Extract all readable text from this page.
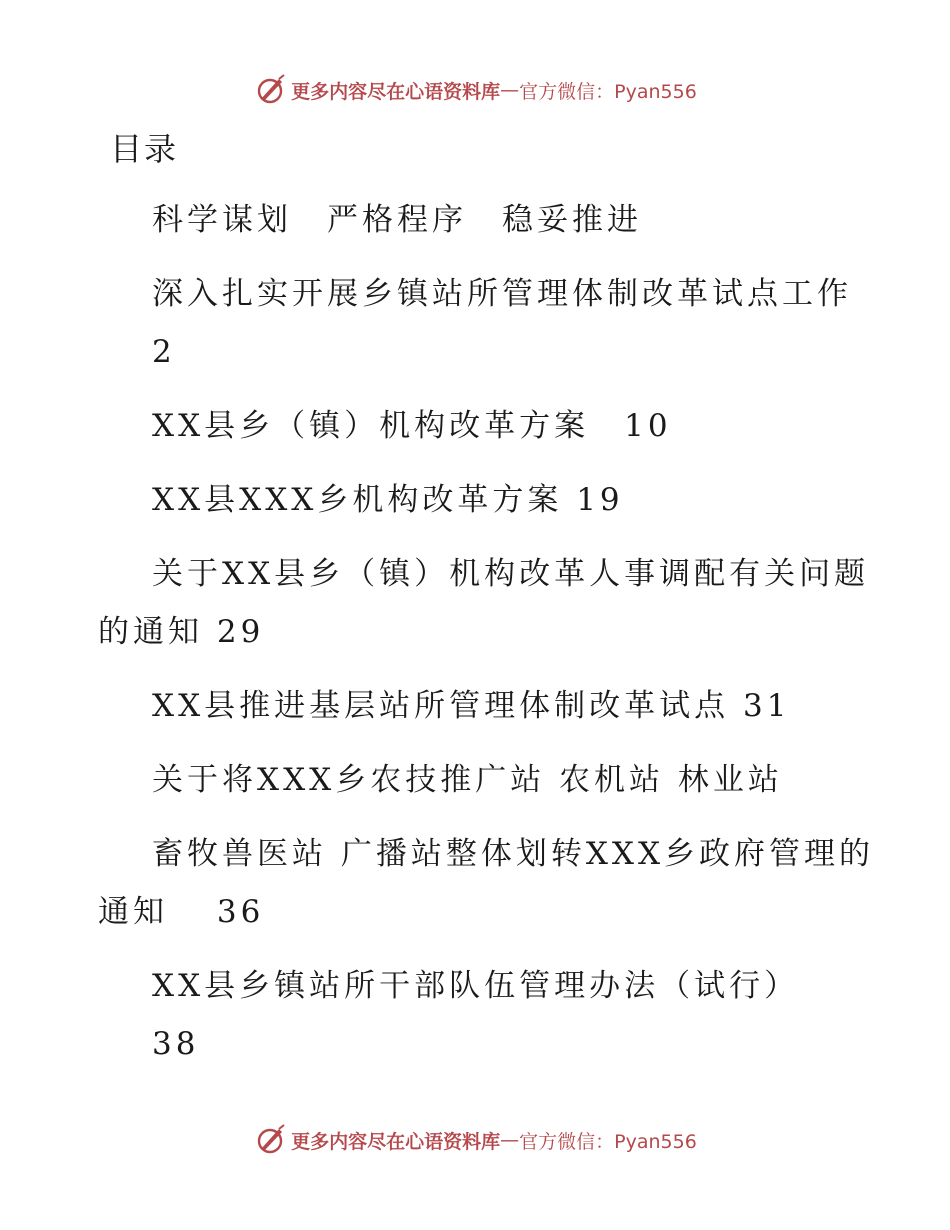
更多内容尽在心语资料库 — 官方微信：Pyan556
目录
科学谋划　严格程序　稳妥推进
深入扎实开展乡镇站所管理体制改革试点工作
2
XX县乡（镇）机构改革方案　10
XX县XXX乡机构改革方案 19
关于XX县乡（镇）机构改革人事调配有关问题
的通知 29
XX县推进基层站所管理体制改革试点 31
关于将XXX乡农技推广站 农机站 林业站
畜牧兽医站 广播站整体划转XXX乡政府管理的
通知　 36
XX县乡镇站所干部队伍管理办法（试行）
38
更多内容尽在心语资料库 — 官方微信：Pyan556
